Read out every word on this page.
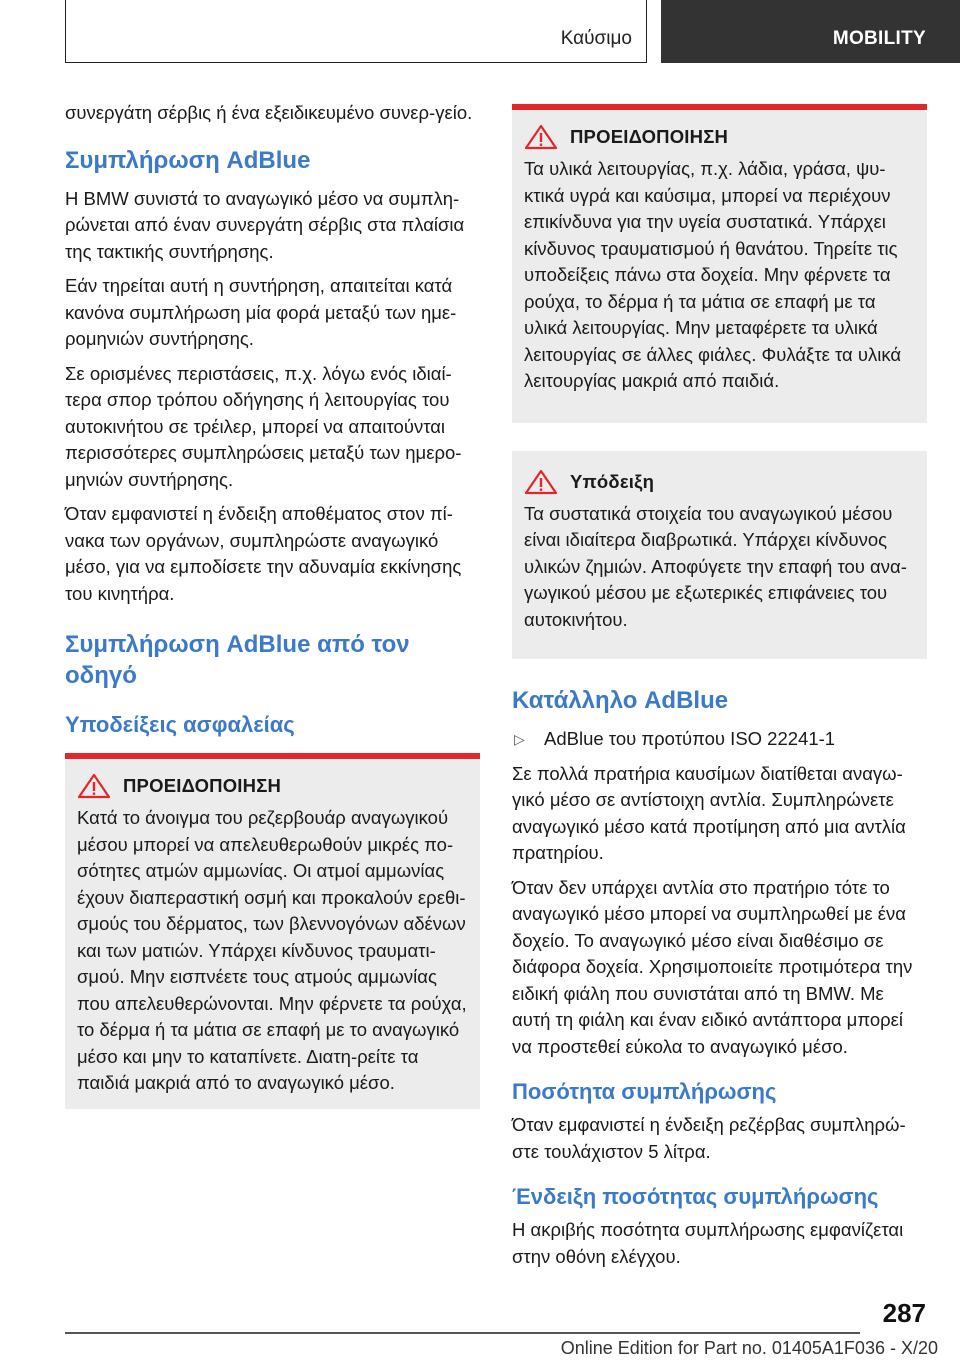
Καύσιμο	MOBILITY

συνεργάτη σέρβις ή ένα εξειδικευμένο συνερ-γείο.

Συμπλήρωση AdBlue

Η BMW συνιστά το αναγωγικό μέσο να συμπλη-ρώνεται από έναν συνεργάτη σέρβις στα πλαίσια της τακτικής συντήρησης.

Εάν τηρείται αυτή η συντήρηση, απαιτείται κατά κανόνα συμπλήρωση μία φορά μεταξύ των ημε-ρομηνιών συντήρησης.

Σε ορισμένες περιστάσεις, π.χ. λόγω ενός ιδιαί-τερα σπορ τρόπου οδήγησης ή λειτουργίας του αυτοκινήτου σε τρέιλερ, μπορεί να απαιτούνται περισσότερες συμπληρώσεις μεταξύ των ημερο-μηνιών συντήρησης.

Όταν εμφανιστεί η ένδειξη αποθέματος στον πί-νακα των οργάνων, συμπληρώστε αναγωγικό μέσο, για να εμποδίσετε την αδυναμία εκκίνησης του κινητήρα.

Συμπλήρωση AdBlue από τον οδηγό
Υποδείξεις ασφαλείας
ΠΡΟΕΙΔΟΠΟΙΗΣΗ

Κατά το άνοιγμα του ρεζερβουάρ αναγωγικού μέσου μπορεί να απελευθερωθούν μικρές πο-σότητες ατμών αμμωνίας. Οι ατμοί αμμωνίας έχουν διαπεραστική οσμή και προκαλούν ερεθι-σμούς του δέρματος, των βλεννογόνων αδένων και των ματιών. Υπάρχει κίνδυνος τραυματι-σμού. Μην εισπνέετε τους ατμούς αμμωνίας που απελευθερώνονται. Μην φέρνετε τα ρούχα, το δέρμα ή τα μάτια σε επαφή με το αναγωγικό μέσο και μην το καταπίνετε. Διατη-ρείτε τα παιδιά μακριά από το αναγωγικό μέσο.

ΠΡΟΕΙΔΟΠΟΙΗΣΗ

Τα υλικά λειτουργίας, π.χ. λάδια, γράσα, ψυ-κτικά υγρά και καύσιμα, μπορεί να περιέχουν επικίνδυνα για την υγεία συστατικά. Υπάρχει κίνδυνος τραυματισμού ή θανάτου. Τηρείτε τις υποδείξεις πάνω στα δοχεία. Μην φέρνετε τα ρούχα, το δέρμα ή τα μάτια σε επαφή με τα υλικά λειτουργίας. Μην μεταφέρετε τα υλικά λειτουργίας σε άλλες φιάλες. Φυλάξτε τα υλικά λειτουργίας μακριά από παιδιά.

Υπόδειξη

Τα συστατικά στοιχεία του αναγωγικού μέσου είναι ιδιαίτερα διαβρωτικά. Υπάρχει κίνδυνος υλικών ζημιών. Αποφύγετε την επαφή του ανα-γωγικού μέσου με εξωτερικές επιφάνειες του αυτοκινήτου.

Κατάλληλο AdBlue
▷	AdBlue του προτύπου ISO 22241-1

Σε πολλά πρατήρια καυσίμων διατίθεται αναγω-γικό μέσο σε αντίστοιχη αντλία. Συμπληρώνετε αναγωγικό μέσο κατά προτίμηση από μια αντλία πρατηρίου.

Όταν δεν υπάρχει αντλία στο πρατήριο τότε το αναγωγικό μέσο μπορεί να συμπληρωθεί με ένα δοχείο. Το αναγωγικό μέσο είναι διαθέσιμο σε διάφορα δοχεία. Χρησιμοποιείτε προτιμότερα την ειδική φιάλη που συνιστάται από τη BMW. Με αυτή τη φιάλη και έναν ειδικό αντάπτορα μπορεί να προστεθεί εύκολα το αναγωγικό μέσο.

Ποσότητα συμπλήρωσης

Όταν εμφανιστεί η ένδειξη ρεζέρβας συμπληρώ-στε τουλάχιστον 5 λίτρα.

Ένδειξη ποσότητας συμπλήρωσης

Η ακριβής ποσότητα συμπλήρωσης εμφανίζεται στην οθόνη ελέγχου.

287
Online Edition for Part no. 01405A1F036 - X/20
